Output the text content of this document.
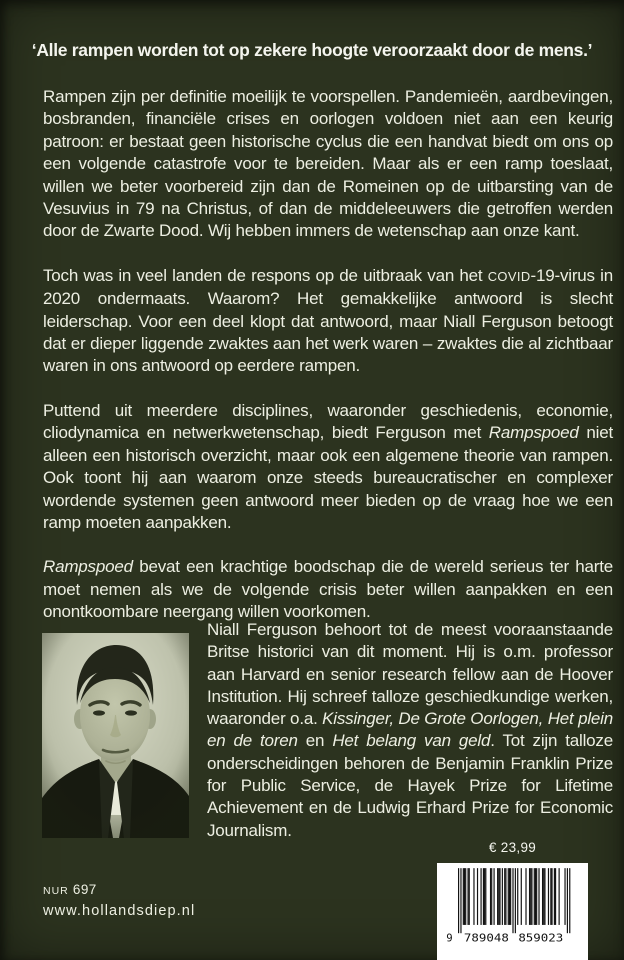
‘Alle rampen worden tot op zekere hoogte veroorzaakt door de mens.’

Rampen zijn per definitie moeilijk te voorspellen. Pandemieën, aardbevingen, bosbranden, financiële crises en oorlogen voldoen niet aan een keurig patroon: er bestaat geen historische cyclus die een handvat biedt om ons op een volgende catastrofe voor te bereiden. Maar als er een ramp toeslaat, willen we beter voorbereid zijn dan de Romeinen op de uitbarsting van de Vesuvius in 79 na Christus, of dan de middeleeuwers die getroffen werden door de Zwarte Dood. Wij hebben immers de wetenschap aan onze kant.

Toch was in veel landen de respons op de uitbraak van het COVID-19-virus in 2020 ondermaats. Waarom? Het gemakkelijke antwoord is slecht leiderschap. Voor een deel klopt dat antwoord, maar Niall Ferguson betoogt dat er dieper liggende zwaktes aan het werk waren – zwaktes die al zichtbaar waren in ons antwoord op eerdere rampen.

Puttend uit meerdere disciplines, waaronder geschiedenis, economie, cliodynamica en netwerkwetenschap, biedt Ferguson met Rampspoed niet alleen een historisch overzicht, maar ook een algemene theorie van rampen. Ook toont hij aan waarom onze steeds bureaucratischer en complexer wordende systemen geen antwoord meer bieden op de vraag hoe we een ramp moeten aanpakken.

Rampspoed bevat een krachtige boodschap die de wereld serieus ter harte moet nemen als we de volgende crisis beter willen aanpakken en een onontkoombare neergang willen voorkomen.

Niall Ferguson behoort tot de meest vooraanstaande Britse historici van dit moment. Hij is o.m. professor aan Harvard en senior research fellow aan de Hoover Institution. Hij schreef talloze geschiedkundige werken, waaronder o.a. Kissinger, De Grote Oorlogen, Het plein en de toren en Het belang van geld. Tot zijn talloze onderscheidingen behoren de Benjamin Franklin Prize for Public Service, de Hayek Prize for Lifetime Achievement en de Ludwig Erhard Prize for Economic Journalism.

NUR 697
www.hollandsdiep.nl
€ 23,99
9 789048 859023
